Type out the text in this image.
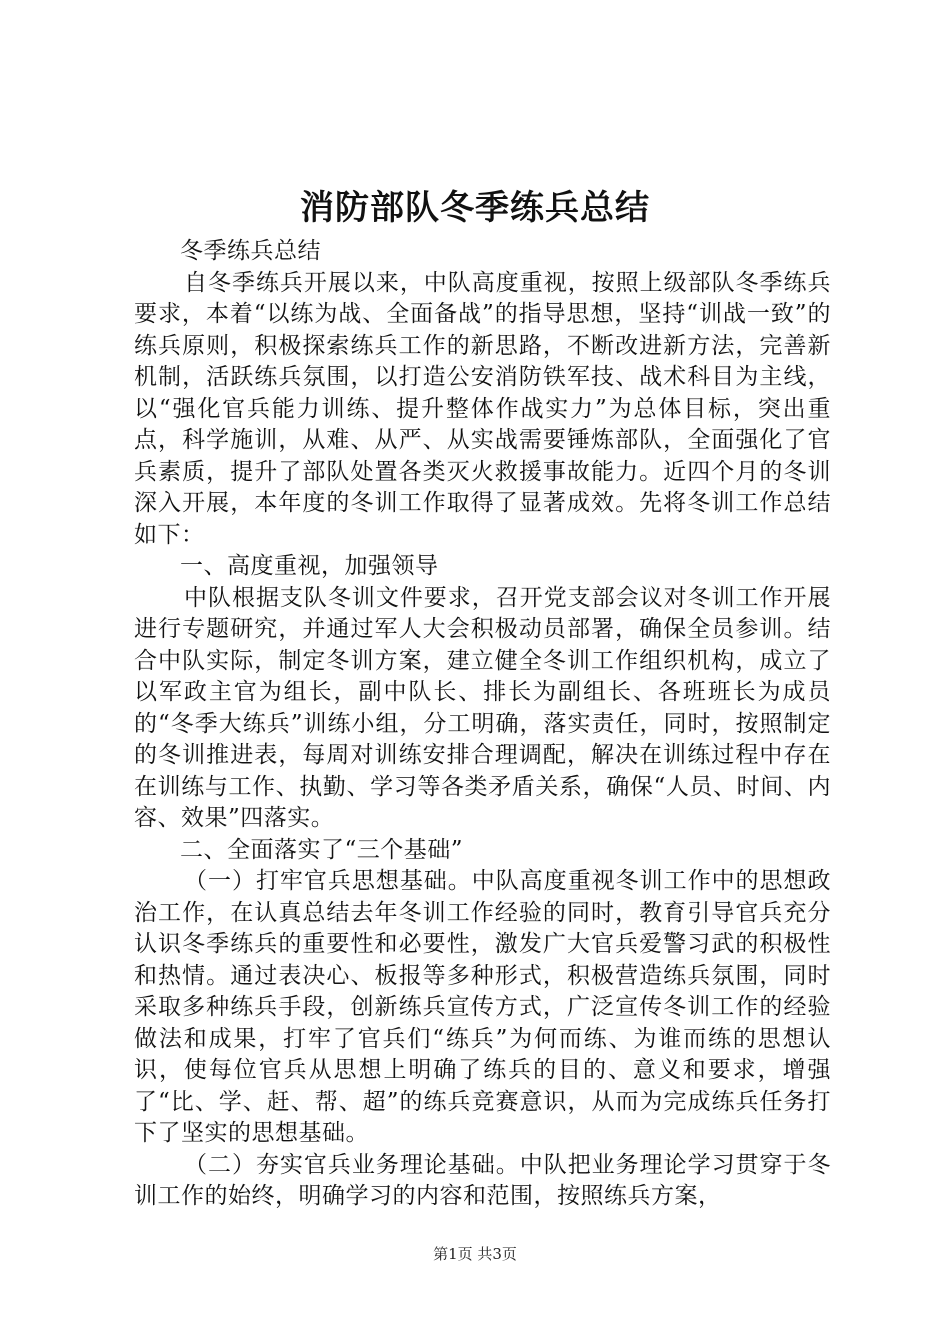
消防部队冬季练兵总结

冬季练兵总结

自冬季练兵开展以来，中队高度重视，按照上级部队冬季练兵要求，本着“以练为战、全面备战”的指导思想，坚持“训战一致”的练兵原则，积极探索练兵工作的新思路，不断改进新方法，完善新机制，活跃练兵氛围，以打造公安消防铁军技、战术科目为主线，以“强化官兵能力训练、提升整体作战实力”为总体目标，突出重点，科学施训，从难、从严、从实战需要锤炼部队，全面强化了官兵素质，提升了部队处置各类灭火救援事故能力。近四个月的冬训深入开展，本年度的冬训工作取得了显著成效。先将冬训工作总结如下：

一、高度重视，加强领导

中队根据支队冬训文件要求，召开党支部会议对冬训工作开展进行专题研究，并通过军人大会积极动员部署，确保全员参训。结合中队实际，制定冬训方案，建立健全冬训工作组织机构，成立了以军政主官为组长，副中队长、排长为副组长、各班班长为成员的“冬季大练兵”训练小组，分工明确，落实责任，同时，按照制定的冬训推进表，每周对训练安排合理调配，解决在训练过程中存在在训练与工作、执勤、学习等各类矛盾关系，确保“人员、时间、内容、效果”四落实。

二、全面落实了“三个基础”

（一）打牢官兵思想基础。中队高度重视冬训工作中的思想政治工作，在认真总结去年冬训工作经验的同时，教育引导官兵充分认识冬季练兵的重要性和必要性，激发广大官兵爱警习武的积极性和热情。通过表决心、板报等多种形式，积极营造练兵氛围，同时采取多种练兵手段，创新练兵宣传方式，广泛宣传冬训工作的经验做法和成果，打牢了官兵们“练兵”为何而练、为谁而练的思想认识，使每位官兵从思想上明确了练兵的目的、意义和要求，增强了“比、学、赶、帮、超”的练兵竞赛意识，从而为完成练兵任务打下了坚实的思想基础。

（二）夯实官兵业务理论基础。中队把业务理论学习贯穿于冬训工作的始终，明确学习的内容和范围，按照练兵方案，

第1页 共3页
